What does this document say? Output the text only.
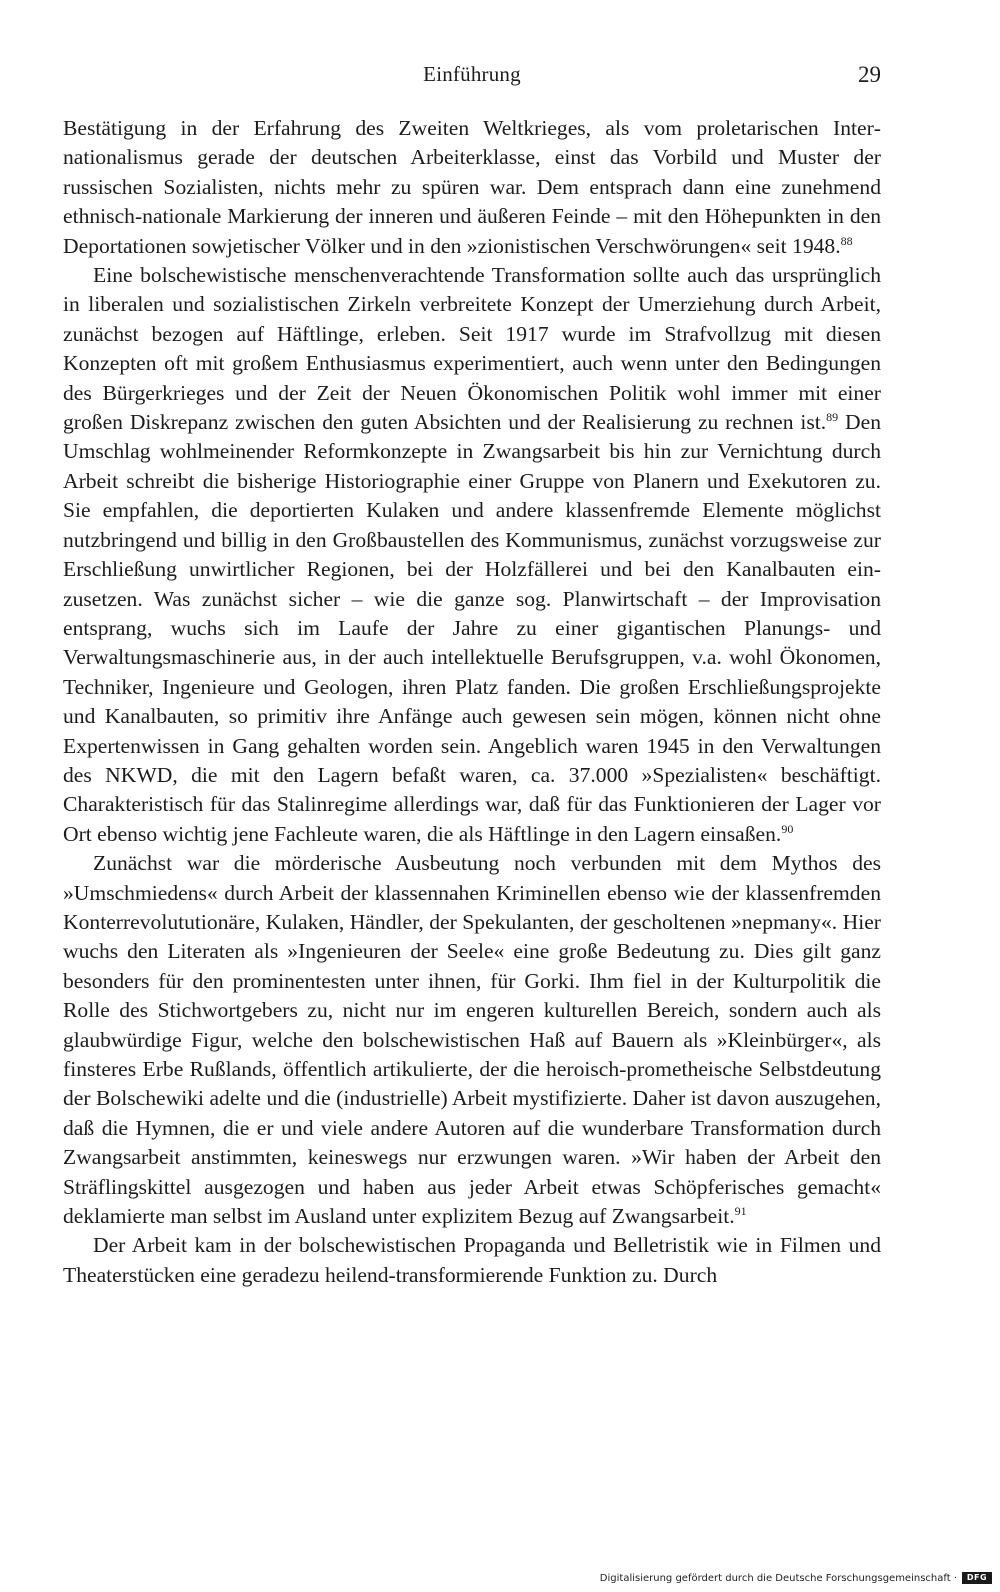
Einführung	29

Bestätigung in der Erfahrung des Zweiten Weltkrieges, als vom proletarischen Internationalismus gerade der deutschen Arbeiterklasse, einst das Vorbild und Muster der russischen Sozialisten, nichts mehr zu spüren war. Dem entsprach dann eine zunehmend ethnisch-nationale Markierung der inneren und äußeren Feinde – mit den Höhepunkten in den Deportationen sowjetischer Völker und in den »zionistischen Verschwörungen« seit 1948.88

Eine bolschewistische menschenverachtende Transformation sollte auch das ursprünglich in liberalen und sozialistischen Zirkeln verbreitete Konzept der Umerziehung durch Arbeit, zunächst bezogen auf Häftlinge, erleben. Seit 1917 wurde im Strafvollzug mit diesen Konzepten oft mit großem Enthusiasmus experimentiert, auch wenn unter den Bedingungen des Bürgerkrieges und der Zeit der Neuen Ökonomischen Politik wohl immer mit einer großen Diskrepanz zwischen den guten Absichten und der Realisierung zu rechnen ist.$^{89}$ Den Umschlag wohlmeinender Reformkonzepte in Zwangsarbeit bis hin zur Vernichtung durch Arbeit schreibt die bisherige Historiographie einer Gruppe von Planern und Exekutoren zu. Sie empfahlen, die deportierten Kulaken und andere klassenfremde Elemente möglichst nutzbringend und billig in den Großbaustellen des Kommunismus, zunächst vorzugsweise zur Erschließung unwirtlicher Regionen, bei der Holzfällerei und bei den Kanalbauten einzusetzen. Was zunächst sicher – wie die ganze sog. Planwirtschaft – der Improvisation entsprang, wuchs sich im Laufe der Jahre zu einer gigantischen Planungs- und Verwaltungsmaschinerie aus, in der auch intellektuelle Berufsgruppen, v.a. wohl Ökonomen, Techniker, Ingenieure und Geologen, ihren Platz fanden. Die großen Erschließungsprojekte und Kanalbauten, so primitiv ihre Anfänge auch gewesen sein mögen, können nicht ohne Expertenwissen in Gang gehalten worden sein. Angeblich waren 1945 in den Verwaltungen des NKWD, die mit den Lagern befaßt waren, ca. 37.000 »Spezialisten« beschäftigt. Charakteristisch für das Stalinregime allerdings war, daß für das Funktionieren der Lager vor Ort ebenso wichtig jene Fachleute waren, die als Häftlinge in den Lagern einsaßen.$^{90}$

Zunächst war die mörderische Ausbeutung noch verbunden mit dem Mythos des »Umschmiedens« durch Arbeit der klassennahen Kriminellen ebenso wie der klassenfremden Konterrevolututionäre, Kulaken, Händler, der Spekulanten, der gescholtenen »nepmany«. Hier wuchs den Literaten als »Ingenieuren der Seele« eine große Bedeutung zu. Dies gilt ganz besonders für den prominentesten unter ihnen, für Gorki. Ihm fiel in der Kulturpolitik die Rolle des Stichwortgebers zu, nicht nur im engeren kulturellen Bereich, sondern auch als glaubwürdige Figur, welche den bolschewistischen Haß auf Bauern als »Kleinbürger«, als finsteres Erbe Rußlands, öffentlich artikulierte, der die heroisch-prometheische Selbstdeutung der Bolschewiki adelte und die (industrielle) Arbeit mystifizierte. Daher ist davon auszugehen, daß die Hymnen, die er und viele andere Autoren auf die wunderbare Transformation durch Zwangsarbeit anstimmten, keineswegs nur erzwungen waren. »Wir haben der Arbeit den Sträflingskittel ausgezogen und haben aus jeder Arbeit etwas Schöpferisches gemacht« deklamierte man selbst im Ausland unter explizitem Bezug auf Zwangsarbeit.$^{91}$

Der Arbeit kam in der bolschewistischen Propaganda und Belletristik wie in Filmen und Theaterstücken eine geradezu heilend-transformierende Funktion zu. Durch

Digitalisierung gefördert durch die Deutsche Forschungsgemeinschaft ·	DFG
